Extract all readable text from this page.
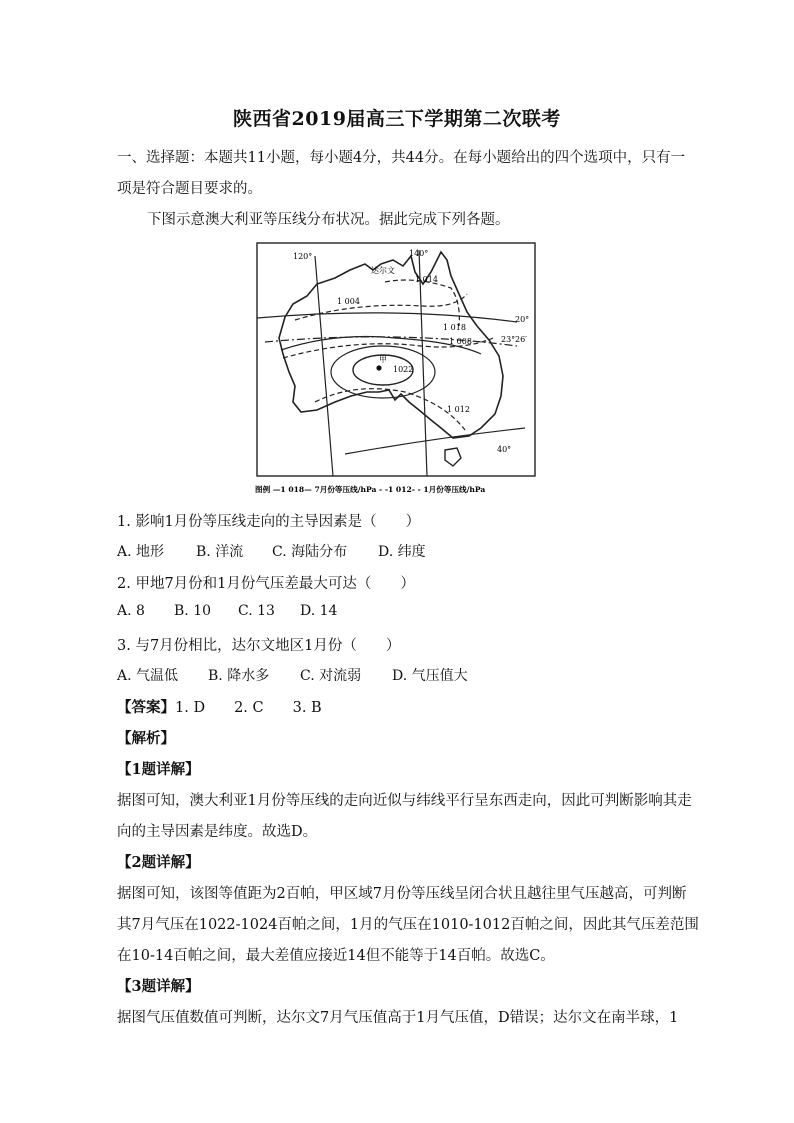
陕西省2019届高三下学期第二次联考
一、选择题：本题共11小题，每小题4分，共44分。在每小题给出的四个选项中，只有一
项是符合题目要求的。
下图示意澳大利亚等压线分布状况。据此完成下列各题。
120°	140°
20°
23° 26′
40°
达尔文
1 014
1 004
1 018
1 008
甲
1022
1 012
图例 —1 018— 7月份等压线/hPa - -1 012- - 1月份等压线/hPa
1. 影响1月份等压线走向的主导因素是（　　）
A. 地形 B. 洋流 C. 海陆分布 D. 纬度
2. 甲地7月份和1月份气压差最大可达（　　）
A. 8 B. 10 C. 13 D. 14
3. 与7月份相比，达尔文地区1月份（　　）
A. 气温低 B. 降水多 C. 对流弱 D. 气压值大
【答案】1. D　　2. C　　3. B
【解析】
【1题详解】
据图可知，澳大利亚1月份等压线的走向近似与纬线平行呈东西走向，因此可判断影响其走
向的主导因素是纬度。故选D。
【2题详解】
据图可知，该图等值距为2百帕，甲区域7月份等压线呈闭合状且越往里气压越高，可判断
其7月气压在1022-1024百帕之间，1月的气压在1010-1012百帕之间，因此其气压差范围
在10-14百帕之间，最大差值应接近14但不能等于14百帕。故选C。
【3题详解】
据图气压值数值可判断，达尔文7月气压值高于1月气压值，D错误；达尔文在南半球，1
